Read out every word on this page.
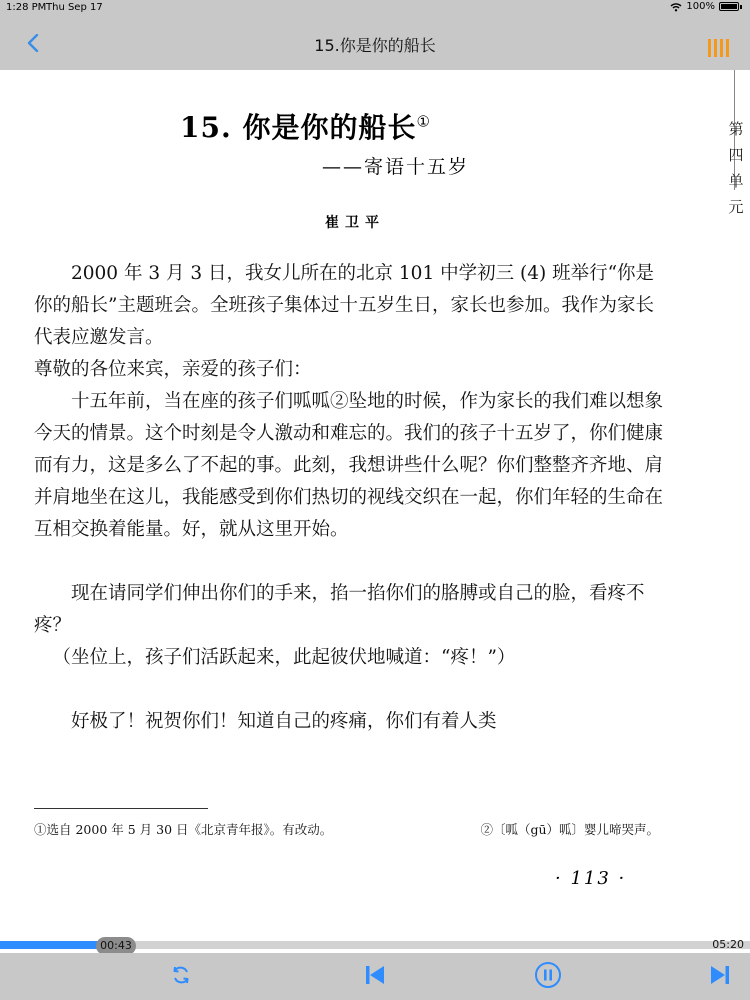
1:28 PM Thu Sep 17	100%
15.你是你的船长
第四单元
15. 你是你的船长①
——寄语十五岁
崔卫平
2000 年 3 月 3 日，我女儿所在的北京 101 中学初三 (4) 班举行“你是你的船长”主题班会。全班孩子集体过十五岁生日，家长也参加。我作为家长代表应邀发言。
尊敬的各位来宾，亲爱的孩子们：
十五年前，当在座的孩子们呱呱②坠地的时候，作为家长的我们难以想象今天的情景。这个时刻是令人激动和难忘的。我们的孩子十五岁了，你们健康而有力，这是多么了不起的事。此刻，我想讲些什么呢？你们整整齐齐地、肩并肩地坐在这儿，我能感受到你们热切的视线交织在一起，你们年轻的生命在互相交换着能量。好，就从这里开始。
现在请同学们伸出你们的手来，掐一掐你们的胳膊或自己的脸，看疼不疼？
（坐位上，孩子们活跃起来，此起彼伏地喊道：“疼！”）
好极了！祝贺你们！知道自己的疼痛，你们有着人类
①选自 2000 年 5 月 30 日《北京青年报》。有改动。	②〔呱（gū）呱〕婴儿啼哭声。
· 113 ·
00:43	05:20
